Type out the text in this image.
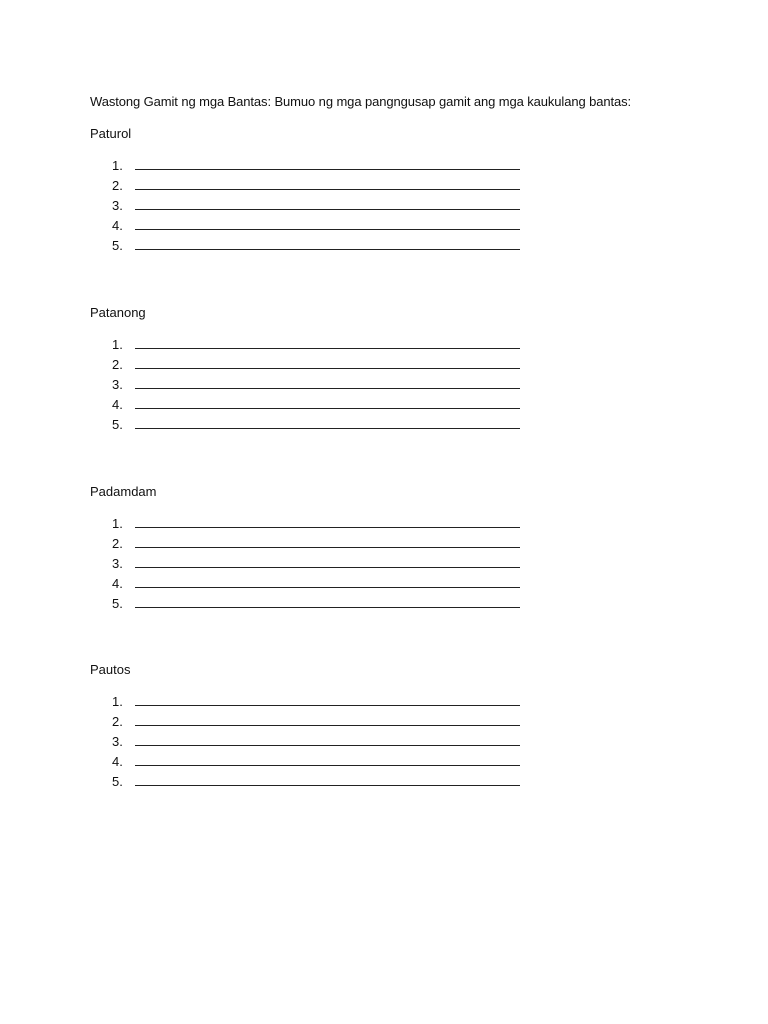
Wastong Gamit ng mga Bantas: Bumuo ng mga pangngusap gamit ang mga kaukulang bantas:
Paturol
1.
2.
3.
4.
5.
Patanong
1.
2.
3.
4.
5.
Padamdam
1.
2.
3.
4.
5.
Pautos
1.
2.
3.
4.
5.
